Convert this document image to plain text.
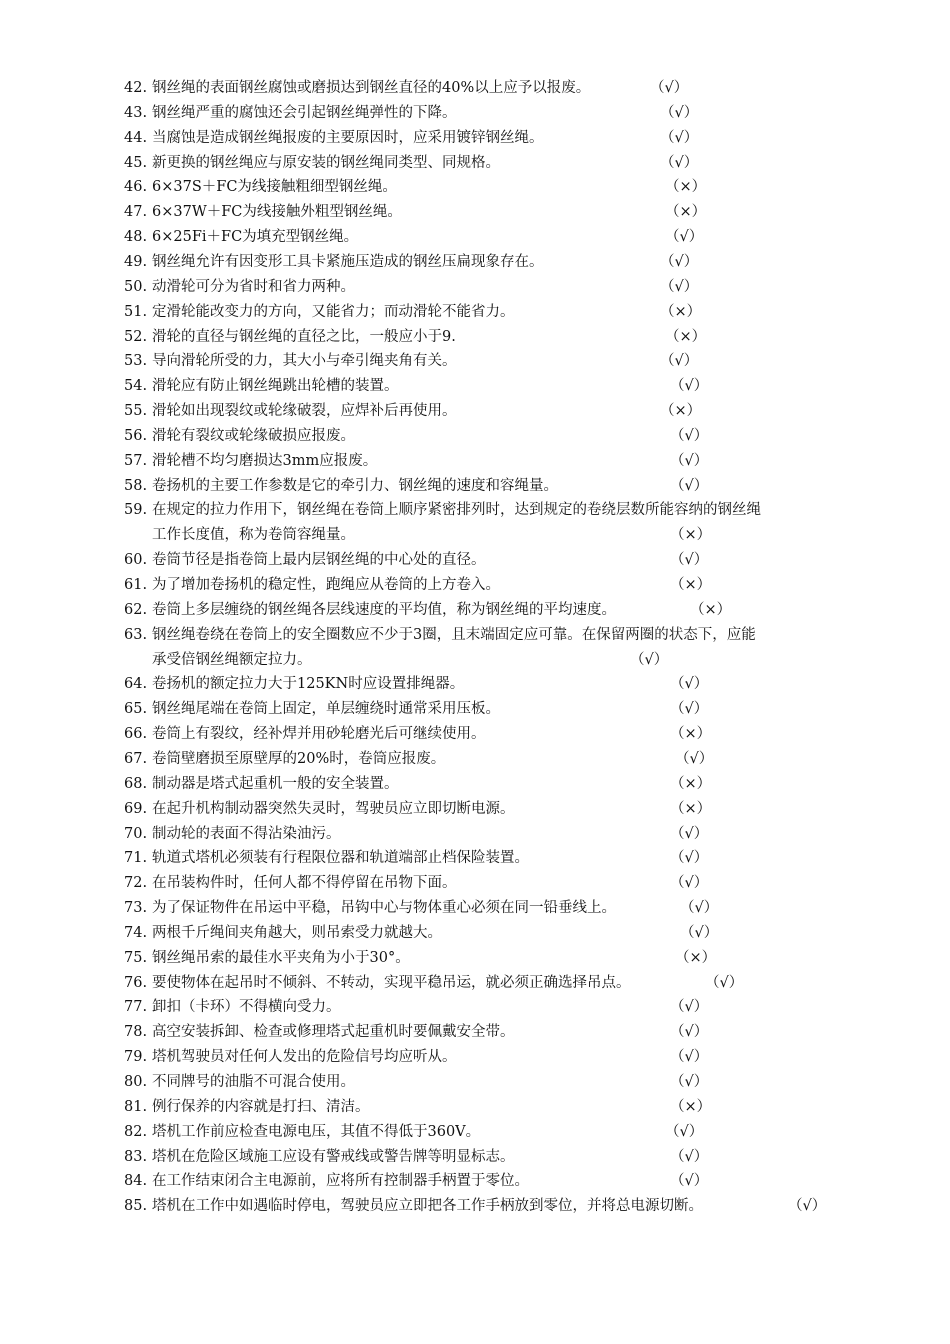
42. 钢丝绳的表面钢丝腐蚀或磨损达到钢丝直径的40%以上应予以报废。	（√）
43. 钢丝绳严重的腐蚀还会引起钢丝绳弹性的下降。	（√）
44. 当腐蚀是造成钢丝绳报废的主要原因时，应采用镀锌钢丝绳。	（√）
45. 新更换的钢丝绳应与原安装的钢丝绳同类型、同规格。	（√）
46. 6×37S＋FC为线接触粗细型钢丝绳。	（×）
47. 6×37W＋FC为线接触外粗型钢丝绳。	（×）
48. 6×25Fi＋FC为填充型钢丝绳。	（√）
49. 钢丝绳允许有因变形工具卡紧施压造成的钢丝压扁现象存在。	（√）
50. 动滑轮可分为省时和省力两种。	（√）
51. 定滑轮能改变力的方向，又能省力；而动滑轮不能省力。	（×）
52. 滑轮的直径与钢丝绳的直径之比，一般应小于9.	（×）
53. 导向滑轮所受的力，其大小与牵引绳夹角有关。	（√）
54. 滑轮应有防止钢丝绳跳出轮槽的装置。	（√）
55. 滑轮如出现裂纹或轮缘破裂，应焊补后再使用。	（×）
56. 滑轮有裂纹或轮缘破损应报废。	（√）
57. 滑轮槽不均匀磨损达3mm应报废。	（√）
58. 卷扬机的主要工作参数是它的牵引力、钢丝绳的速度和容绳量。	（√）
59. 在规定的拉力作用下，钢丝绳在卷筒上顺序紧密排列时，达到规定的卷绕层数所能容纳的钢丝绳
工作长度值，称为卷筒容绳量。	（×）
60. 卷筒节径是指卷筒上最内层钢丝绳的中心处的直径。	（√）
61. 为了增加卷扬机的稳定性，跑绳应从卷筒的上方卷入。	（×）
62. 卷筒上多层缠绕的钢丝绳各层线速度的平均值，称为钢丝绳的平均速度。	（×）
63. 钢丝绳卷绕在卷筒上的安全圈数应不少于3圈，且末端固定应可靠。在保留两圈的状态下，应能
承受倍钢丝绳额定拉力。	（√）
64. 卷扬机的额定拉力大于125KN时应设置排绳器。	（√）
65. 钢丝绳尾端在卷筒上固定，单层缠绕时通常采用压板。	（√）
66. 卷筒上有裂纹，经补焊并用砂轮磨光后可继续使用。	（×）
67. 卷筒壁磨损至原壁厚的20%时，卷筒应报废。	（√）
68. 制动器是塔式起重机一般的安全装置。	（×）
69. 在起升机构制动器突然失灵时，驾驶员应立即切断电源。	（×）
70. 制动轮的表面不得沾染油污。	（√）
71. 轨道式塔机必须装有行程限位器和轨道端部止档保险装置。	（√）
72. 在吊装构件时，任何人都不得停留在吊物下面。	（√）
73. 为了保证物件在吊运中平稳，吊钩中心与物体重心必须在同一铅垂线上。	（√）
74. 两根千斤绳间夹角越大，则吊索受力就越大。	（√）
75. 钢丝绳吊索的最佳水平夹角为小于30°。	（×）
76. 要使物体在起吊时不倾斜、不转动，实现平稳吊运，就必须正确选择吊点。	（√）
77. 卸扣（卡环）不得横向受力。	（√）
78. 高空安装拆卸、检查或修理塔式起重机时要佩戴安全带。	（√）
79. 塔机驾驶员对任何人发出的危险信号均应听从。	（√）
80. 不同牌号的油脂不可混合使用。	（√）
81. 例行保养的内容就是打扫、清洁。	（×）
82. 塔机工作前应检查电源电压，其值不得低于360V。	（√）
83. 塔机在危险区域施工应设有警戒线或警告牌等明显标志。	（√）
84. 在工作结束闭合主电源前，应将所有控制器手柄置于零位。	（√）
85. 塔机在工作中如遇临时停电，驾驶员应立即把各工作手柄放到零位，并将总电源切断。	（√）
